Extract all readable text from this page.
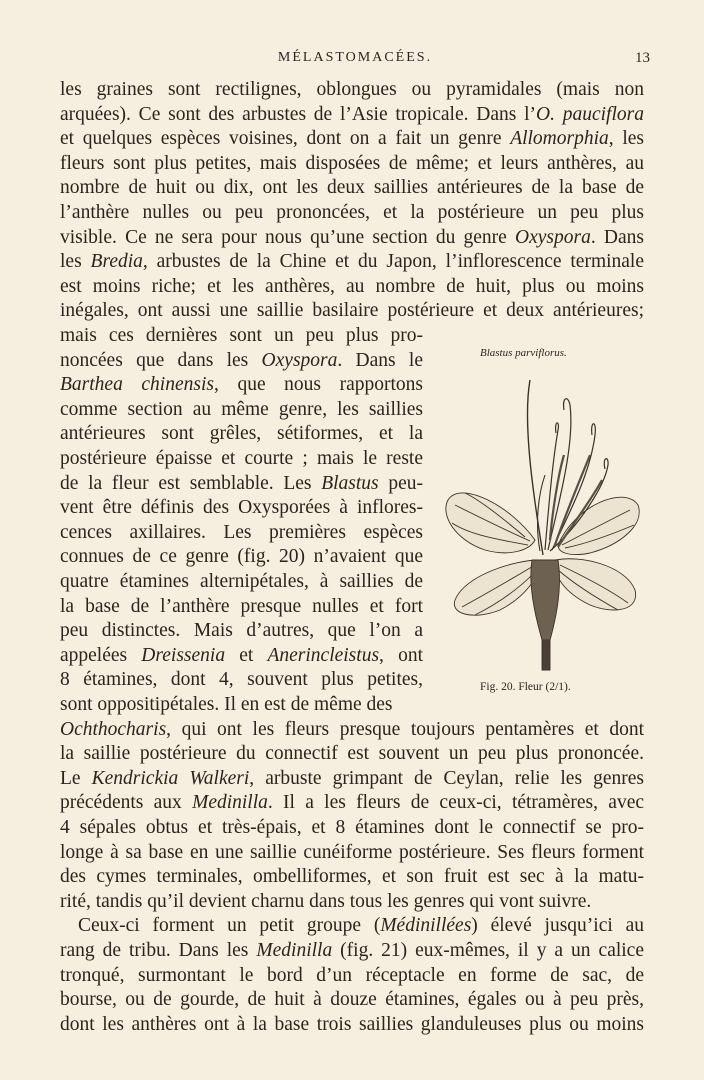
MÉLASTOMACÉES.	13
les graines sont rectilignes, oblongues ou pyramidales (mais non
arquées). Ce sont des arbustes de l’Asie tropicale. Dans l’O. pauciflora
et quelques espèces voisines, dont on a fait un genre Allomorphia, les
fleurs sont plus petites, mais disposées de même; et leurs anthères, au
nombre de huit ou dix, ont les deux saillies antérieures de la base de
l’anthère nulles ou peu prononcées, et la postérieure un peu plus
visible. Ce ne sera pour nous qu’une section du genre Oxyspora. Dans
les Bredia, arbustes de la Chine et du Japon, l’inflorescence terminale
est moins riche; et les anthères, au nombre de huit, plus ou moins
inégales, ont aussi une saillie basilaire postérieure et deux antérieures;
mais ces dernières sont un peu plus pro-
noncées que dans les Oxyspora. Dans le
Barthea chinensis, que nous rapportons
comme section au même genre, les saillies
antérieures sont grêles, sétiformes, et la
postérieure épaisse et courte ; mais le reste
de la fleur est semblable. Les Blastus peu-
vent être définis des Oxysporées à inflores-
cences axillaires. Les premières espèces
connues de ce genre (fig. 20) n’avaient que
quatre étamines alternipétales, à saillies de
la base de l’anthère presque nulles et fort
peu distinctes. Mais d’autres, que l’on a
appelées Dreissenia et Anerincleistus, ont
8 étamines, dont 4, souvent plus petites,
sont oppositipétales. Il en est de même des
Ochthocharis, qui ont les fleurs presque toujours pentamères et dont
la saillie postérieure du connectif est souvent un peu plus prononcée.
Le Kendrickia Walkeri, arbuste grimpant de Ceylan, relie les genres
précédents aux Medinilla. Il a les fleurs de ceux-ci, tétramères, avec
4 sépales obtus et très-épais, et 8 étamines dont le connectif se pro-
longe à sa base en une saillie cunéiforme postérieure. Ses fleurs forment
des cymes terminales, ombelliformes, et son fruit est sec à la matu-
rité, tandis qu’il devient charnu dans tous les genres qui vont suivre.
Ceux-ci forment un petit groupe (Médinillées) élevé jusqu’ici au
rang de tribu. Dans les Medinilla (fig. 21) eux-mêmes, il y a un calice
tronqué, surmontant le bord d’un réceptacle en forme de sac, de
bourse, ou de gourde, de huit à douze étamines, égales ou à peu près,
dont les anthères ont à la base trois saillies glanduleuses plus ou moins
Blastus parviflorus.
Fig. 20. Fleur (2/1).
